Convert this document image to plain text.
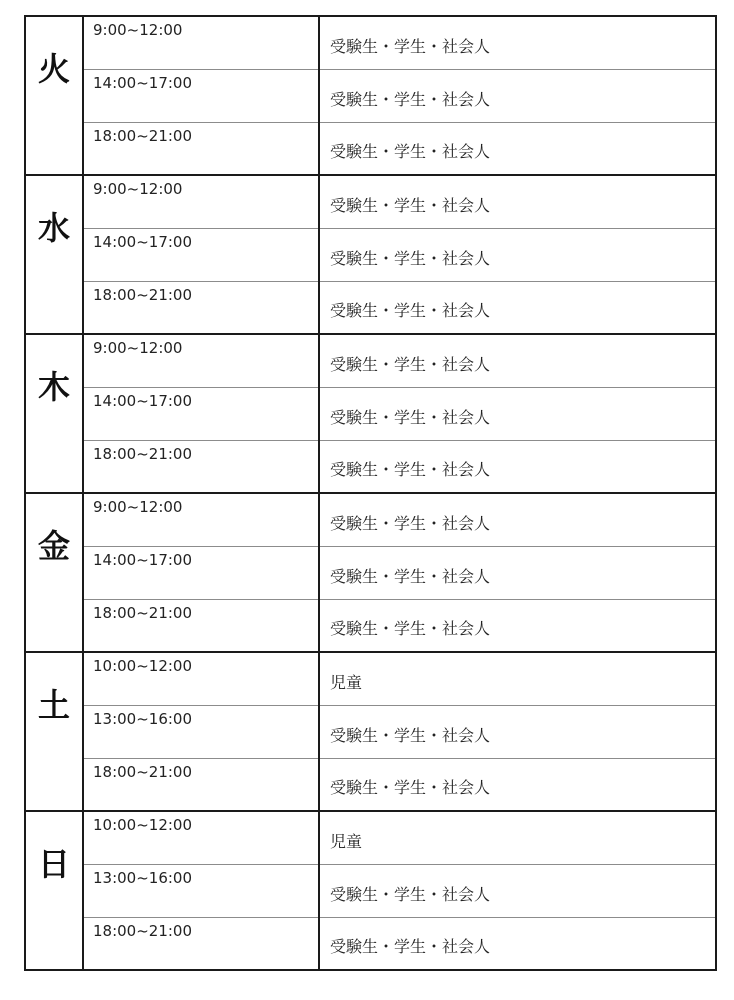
火	9:00~12:00	受験生・学生・社会人
	14:00~17:00	受験生・学生・社会人
	18:00~21:00	受験生・学生・社会人

水	9:00~12:00	受験生・学生・社会人
	14:00~17:00	受験生・学生・社会人
	18:00~21:00	受験生・学生・社会人

木	9:00~12:00	受験生・学生・社会人
	14:00~17:00	受験生・学生・社会人
	18:00~21:00	受験生・学生・社会人

金	9:00~12:00	受験生・学生・社会人
	14:00~17:00	受験生・学生・社会人
	18:00~21:00	受験生・学生・社会人

土	10:00~12:00	児童
	13:00~16:00	受験生・学生・社会人
	18:00~21:00	受験生・学生・社会人

日	10:00~12:00	児童
	13:00~16:00	受験生・学生・社会人
	18:00~21:00	受験生・学生・社会人
